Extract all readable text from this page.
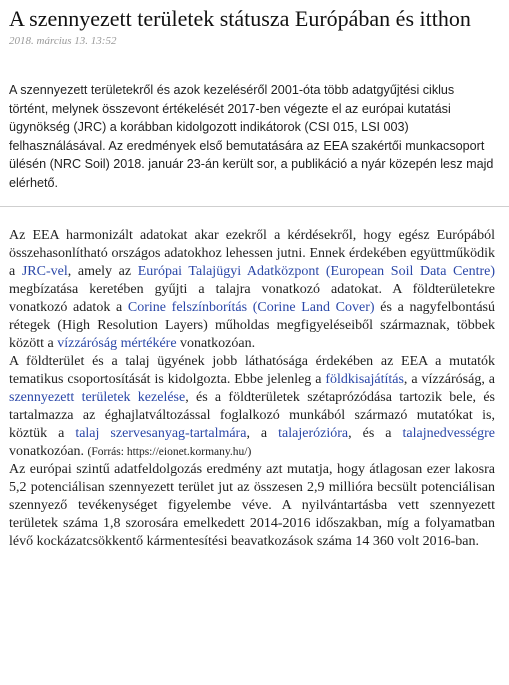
A szennyezett területek státusza Európában és itthon
2018. március 13. 13:52
A szennyezett területekről és azok kezeléséről 2001-óta több adatgyűjtési ciklus történt, melynek összevont értékelését 2017-ben végezte el az európai kutatási ügynökség (JRC) a korábban kidolgozott indikátorok (CSI 015, LSI 003) felhasználásával. Az eredmények első bemutatására az EEA szakértői munkacsoport ülésén (NRC Soil) 2018. január 23-án került sor, a publikáció a nyár közepén lesz majd elérhető.

Az EEA harmonizált adatokat akar ezekről a kérdésekről, hogy egész Európából összehasonlítható országos adatokhoz lehessen jutni. Ennek érdekében együttműködik a JRC-vel, amely az Európai Talajügyi Adatközpont (European Soil Data Centre) megbízatása keretében gyűjti a talajra vonatkozó adatokat. A földterületekre vonatkozó adatok a Corine felszínborítás (Corine Land Cover) és a nagyfelbontású rétegek (High Resolution Layers) műholdas megfigyeléseiből származnak, többek között a vízzáróság mértékére vonatkozóan.

A földterület és a talaj ügyének jobb láthatósága érdekében az EEA a mutatók tematikus csoportosítását is kidolgozta. Ebbe jelenleg a földkisajátítás, a vízzáróság, a szennyezett területek kezelése, és a földterületek szétaprózódása tartozik bele, és tartalmazza az éghajlatváltozással foglalkozó munkából származó mutatókat is, köztük a talaj szervesanyag-tartalmára, a talajerózióra, és a talajnedvességre vonatkozóan. (Forrás: https://eionet.kormany.hu/)

Az európai szintű adatfeldolgozás eredmény azt mutatja, hogy átlagosan ezer lakosra 5,2 potenciálisan szennyezett terület jut az összesen 2,9 millióra becsült potenciálisan szennyező tevékenységet figyelembe véve. A nyilvántartásba vett szennyezett területek száma 1,8 szorosára emelkedett 2014-2016 időszakban, míg a folyamatban lévő kockázatcsökkentő kármentesítési beavatkozások száma 14 360 volt 2016-ban.
